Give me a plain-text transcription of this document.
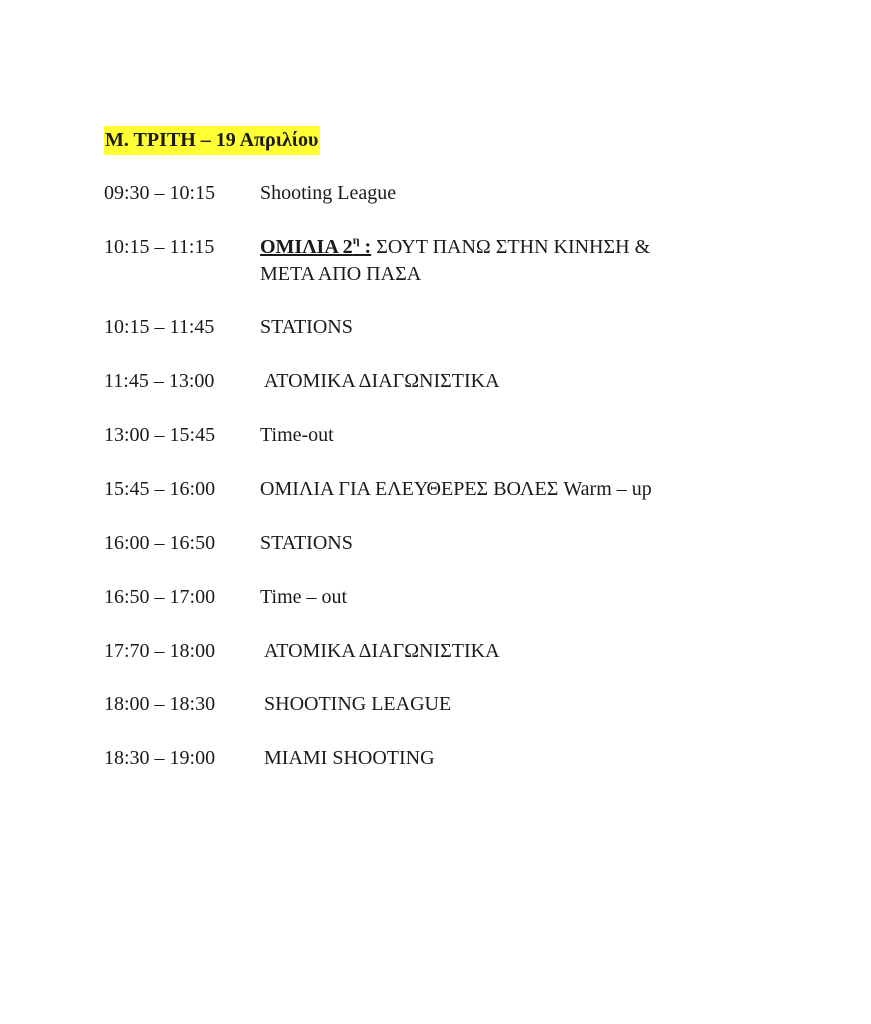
Μ. ΤΡΙΤΗ – 19 Απριλίου
09:30 – 10:15	Shooting League
10:15 – 11:15	ΟΜΙΛΙΑ $2^\eta$ : ΣΟΥΤ ΠΑΝΩ ΣΤΗΝ ΚΙΝΗΣΗ &
ΜΕΤΑ ΑΠΟ ΠΑΣΑ
10:15 – 11:45	STATIONS
11:45 – 13:00	ΑΤΟΜΙΚΑ ΔΙΑΓΩΝΙΣΤΙΚΑ
13:00 – 15:45	Time-out
15:45 – 16:00	ΟΜΙΛΙΑ ΓΙΑ ΕΛΕΥΘΕΡΕΣ ΒΟΛΕΣ Warm – up
16:00 – 16:50	STATIONS
16:50 – 17:00	Time – out
17:70 – 18:00	ΑΤΟΜΙΚΑ ΔΙΑΓΩΝΙΣΤΙΚΑ
18:00 – 18:30	SHOOTING LEAGUE
18:30 – 19:00	MIAMI SHOOTING
